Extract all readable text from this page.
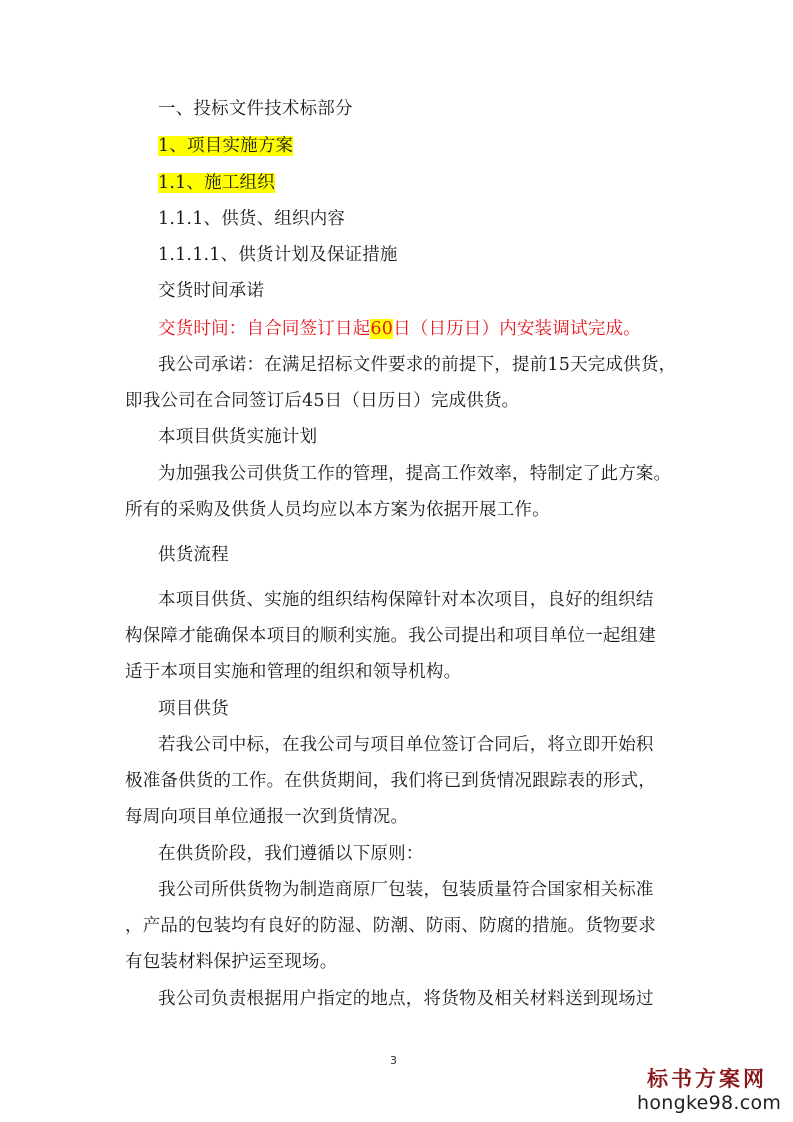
一、投标文件技术标部分
1、项目实施方案
1.1、施工组织
1.1.1、供货、组织内容
1.1.1.1、供货计划及保证措施
交货时间承诺
交货时间：自合同签订日起60日（日历日）内安装调试完成。
我公司承诺：在满足招标文件要求的前提下，提前15天完成供货，
即我公司在合同签订后45日（日历日）完成供货。
本项目供货实施计划
为加强我公司供货工作的管理，提高工作效率，特制定了此方案。
所有的采购及供货人员均应以本方案为依据开展工作。
供货流程
本项目供货、实施的组织结构保障针对本次项目，良好的组织结
构保障才能确保本项目的顺利实施。我公司提出和项目单位一起组建
适于本项目实施和管理的组织和领导机构。
项目供货
若我公司中标，在我公司与项目单位签订合同后，将立即开始积
极准备供货的工作。在供货期间，我们将已到货情况跟踪表的形式，
每周向项目单位通报一次到货情况。
在供货阶段，我们遵循以下原则：
我公司所供货物为制造商原厂包装，包装质量符合国家相关标准
，产品的包装均有良好的防湿、防潮、防雨、防腐的措施。货物要求
有包装材料保护运至现场。
我公司负责根据用户指定的地点，将货物及相关材料送到现场过
3
标书方案网
hongke98.com
